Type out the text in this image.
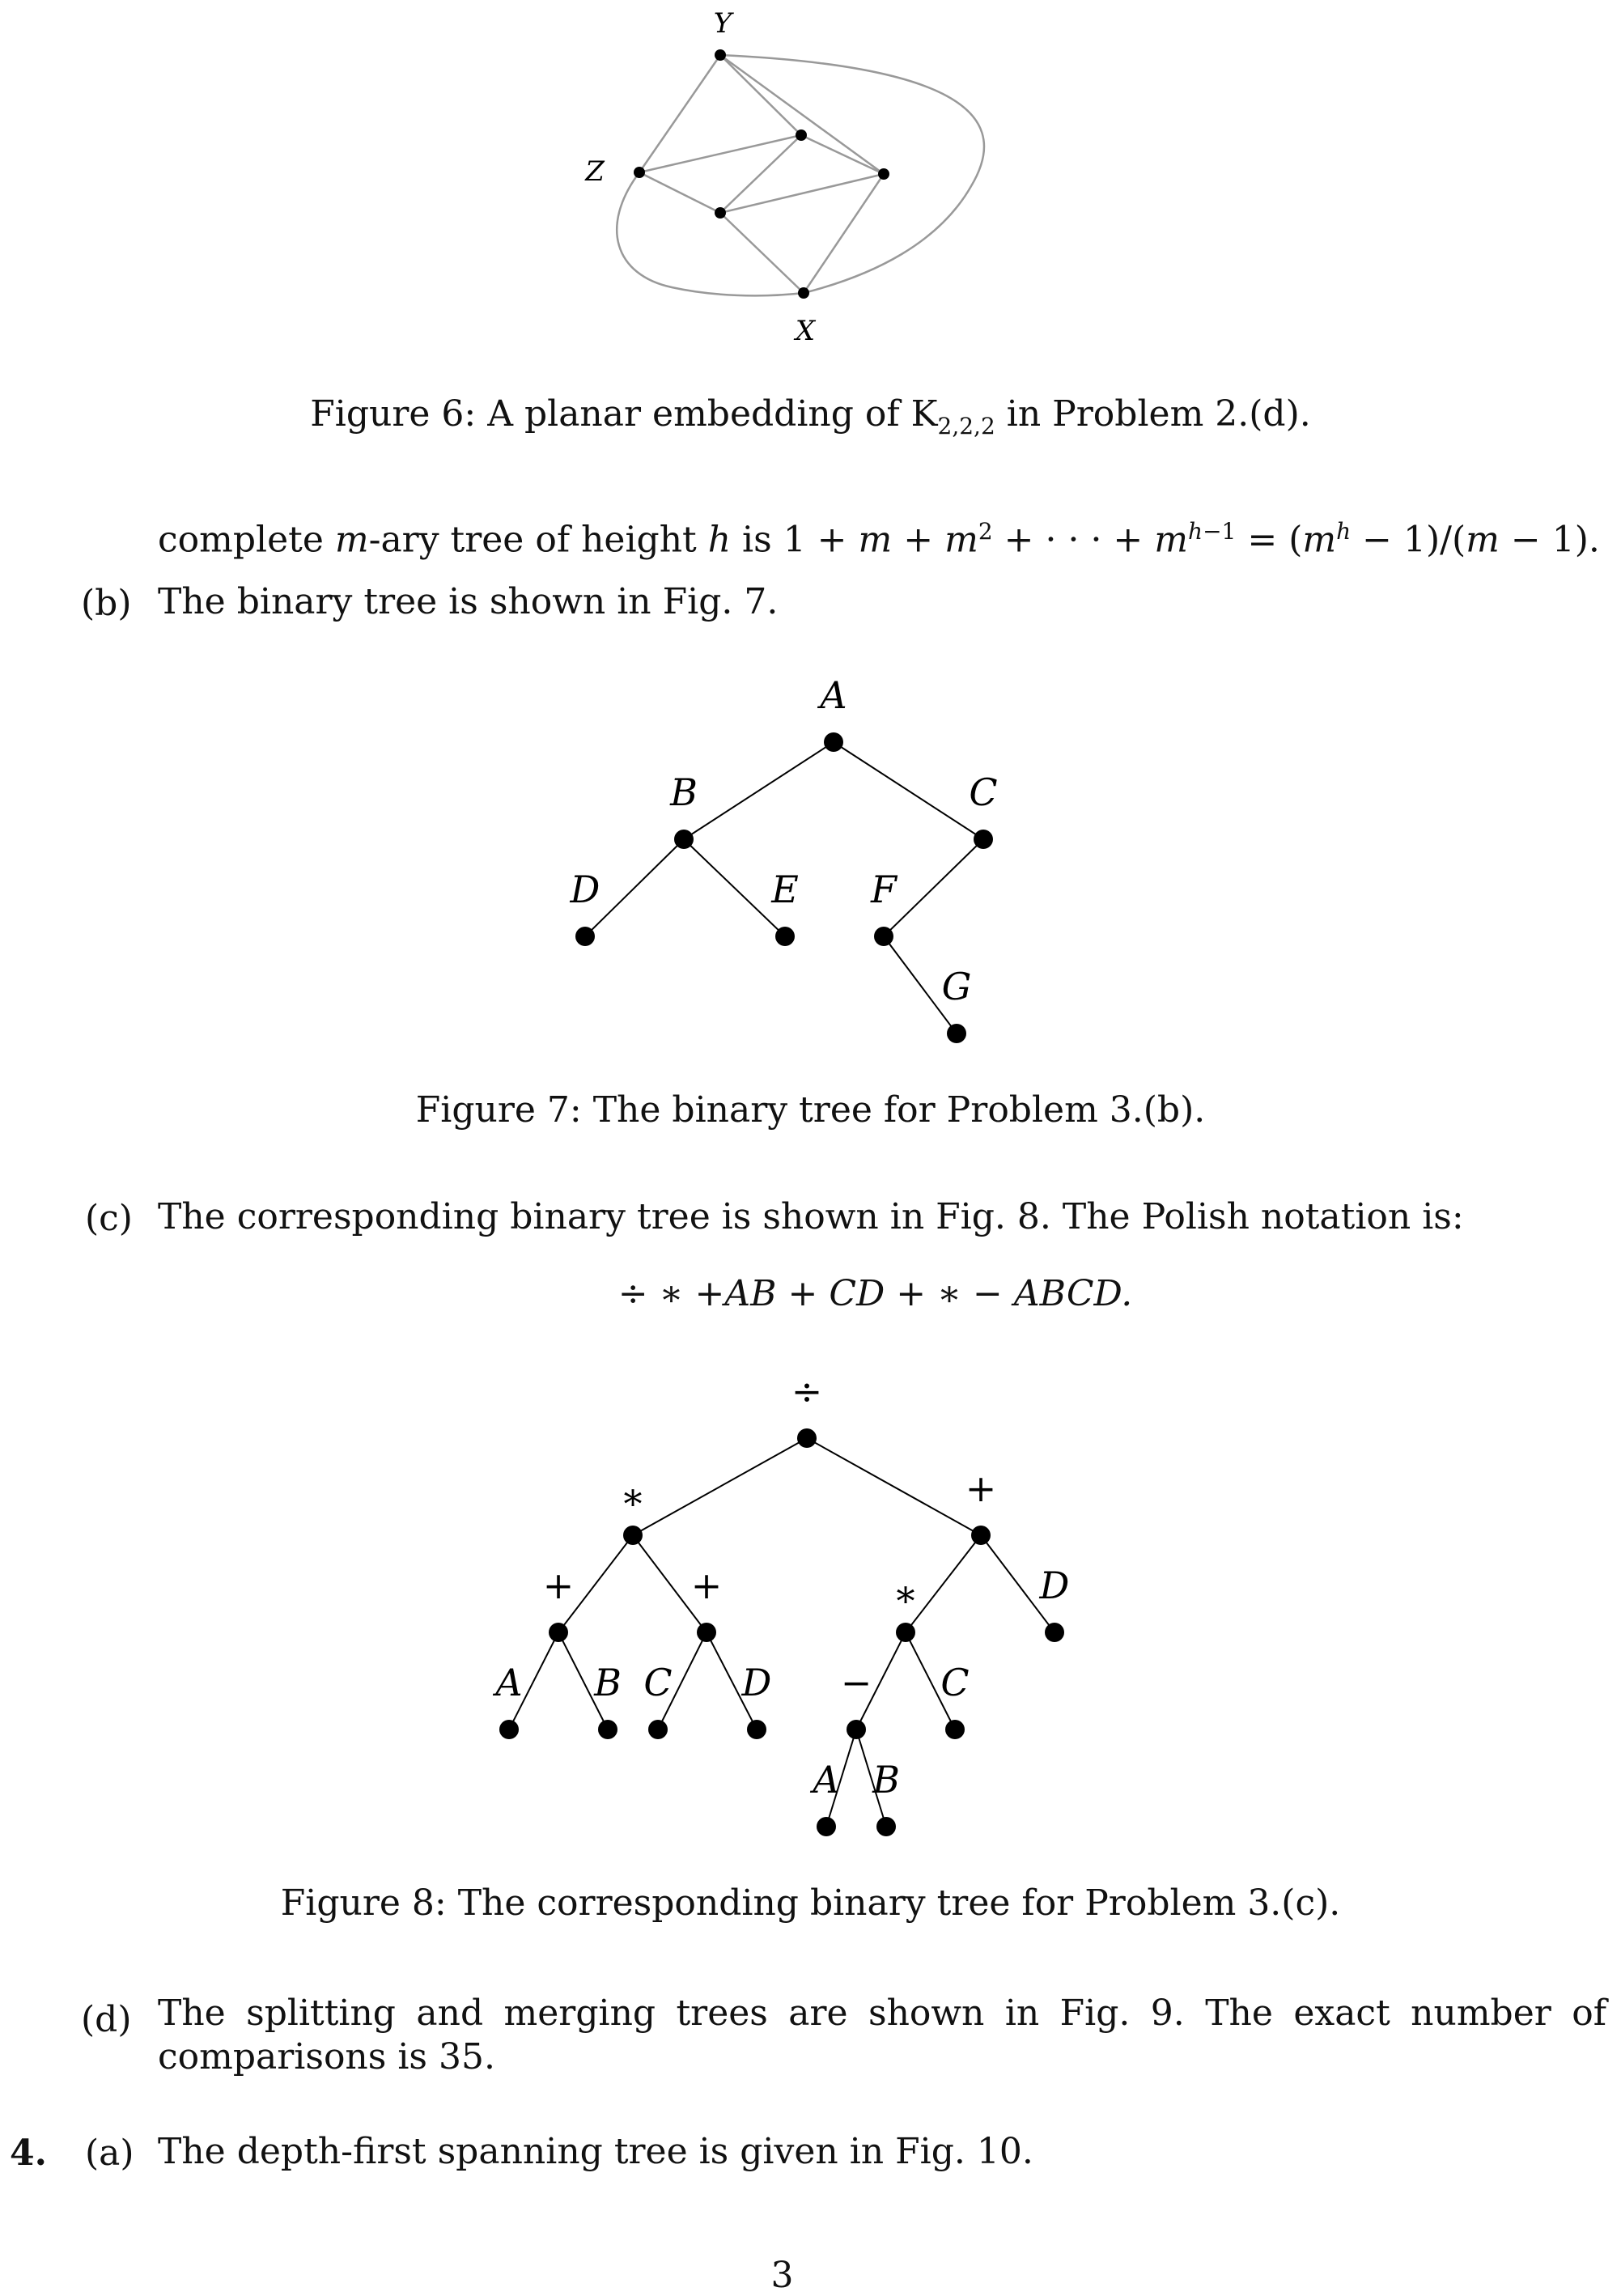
Y
Z
X
Figure 6: A planar embedding of $K_{2,2,2}$ in Problem 2.(d).
complete m-ary tree of height h is $1 + m + m^2$ + · · · + $m^{h-1} = (m^h - 1)/(m - 1)$.
(b) The binary tree is shown in Fig. 7.
A
B	C
D	E F
G
Figure 7: The binary tree for Problem 3.(b).
(c) The corresponding binary tree is shown in Fig. 8. The Polish notation is:
÷ ∗ +AB + CD + ∗ − ABCD.
÷
∗	+
+	+	∗
−
D
A B C D	C
A B
Figure 8: The corresponding binary tree for Problem 3.(c).
(d) The splitting and merging trees are shown in Fig. 9. The exact number of
comparisons is 35.
4. (a) The depth-first spanning tree is given in Fig. 10.
3
